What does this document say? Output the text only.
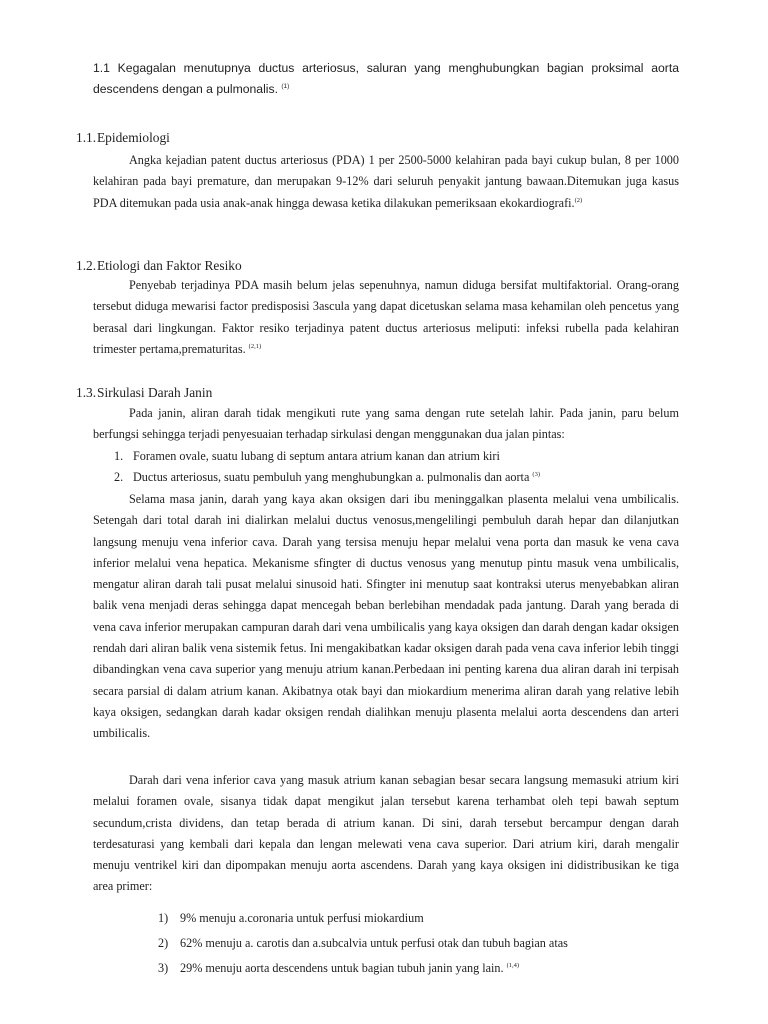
1.1 Kegagalan menutupnya ductus arteriosus, saluran yang menghubungkan bagian proksimal aorta descendens dengan a pulmonalis. $^{(1)}$
1.1.Epidemiologi

Angka kejadian patent ductus arteriosus (PDA) 1 per 2500-5000 kelahiran pada bayi cukup bulan, 8 per 1000 kelahiran pada bayi premature, dan merupakan 9-12% dari seluruh penyakit jantung bawaan.Ditemukan juga kasus PDA ditemukan pada usia anak-anak hingga dewasa ketika dilakukan pemeriksaan ekokardiografi.$^{(2)}$

1.2.Etiologi dan Faktor Resiko

Penyebab terjadinya PDA masih belum jelas sepenuhnya, namun diduga bersifat multifaktorial. Orang-orang tersebut diduga mewarisi factor predisposisi 3ascula yang dapat dicetuskan selama masa kehamilan oleh pencetus yang berasal dari lingkungan. Faktor resiko terjadinya patent ductus arteriosus meliputi: infeksi rubella pada kelahiran trimester pertama,prematuritas. $^{(2,1)}$

1.3.Sirkulasi Darah Janin

Pada janin, aliran darah tidak mengikuti rute yang sama dengan rute setelah lahir. Pada janin, paru belum berfungsi sehingga terjadi penyesuaian terhadap sirkulasi dengan menggunakan dua jalan pintas:

1. Foramen ovale, suatu lubang di septum antara atrium kanan dan atrium kiri
2. Ductus arteriosus, suatu pembuluh yang menghubungkan a. pulmonalis dan aorta $^{(3)}$

Selama masa janin, darah yang kaya akan oksigen dari ibu meninggalkan plasenta melalui vena umbilicalis. Setengah dari total darah ini dialirkan melalui ductus venosus,mengelilingi pembuluh darah hepar dan dilanjutkan langsung menuju vena inferior cava. Darah yang tersisa menuju hepar melalui vena porta dan masuk ke vena cava inferior melalui vena hepatica. Mekanisme sfingter di ductus venosus yang menutup pintu masuk vena umbilicalis, mengatur aliran darah tali pusat melalui sinusoid hati. Sfingter ini menutup saat kontraksi uterus menyebabkan aliran balik vena menjadi deras sehingga dapat mencegah beban berlebihan mendadak pada jantung. Darah yang berada di vena cava inferior merupakan campuran darah dari vena umbilicalis yang kaya oksigen dan darah dengan kadar oksigen rendah dari aliran balik vena sistemik fetus. Ini mengakibatkan kadar oksigen darah pada vena cava inferior lebih tinggi dibandingkan vena cava superior yang menuju atrium kanan.Perbedaan ini penting karena dua aliran darah ini terpisah secara parsial di dalam atrium kanan. Akibatnya otak bayi dan miokardium menerima aliran darah yang relative lebih kaya oksigen, sedangkan darah kadar oksigen rendah dialihkan menuju plasenta melalui aorta descendens dan arteri umbilicalis.

Darah dari vena inferior cava yang masuk atrium kanan sebagian besar secara langsung memasuki atrium kiri melalui foramen ovale, sisanya tidak dapat mengikut jalan tersebut karena terhambat oleh tepi bawah septum secundum,crista dividens, dan tetap berada di atrium kanan. Di sini, darah tersebut bercampur dengan darah terdesaturasi yang kembali dari kepala dan lengan melewati vena cava superior. Dari atrium kiri, darah mengalir menuju ventrikel kiri dan dipompakan menuju aorta ascendens. Darah yang kaya oksigen ini didistribusikan ke tiga area primer:

1) 9% menuju a.coronaria untuk perfusi miokardium
2) 62% menuju a. carotis dan a.subcalvia untuk perfusi otak dan tubuh bagian atas
3) 29% menuju aorta descendens untuk bagian tubuh janin yang lain. $^{(1,4)}$
